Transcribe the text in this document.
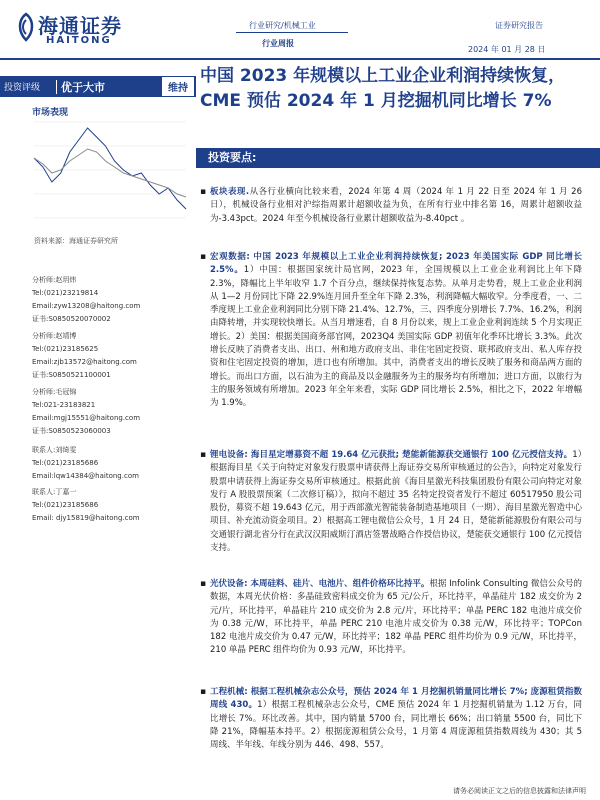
海通证券
HAITONG
行业研究/机械工业
行业周报
证券研究报告
2024 年 01 月 28 日
投资评级	优于大市	维持
市场表现
资料来源：海通证券研究所
分析师:赵玥炜
Tel:(021)23219814
Email:zyw13208@haitong.com
证书:S0850520070002
分析师:赵靖博
Tel:(021)23185625
Email:zjb13572@haitong.com
证书:S0850521100001
分析师:毛冠锦
Tel:021-23183821
Email:mgj15551@haitong.com
证书:S0850523060003
联系人:刘绮雯
Tel:(021)23185686
Email:lqw14384@haitong.com
联系人:丁嘉一
Tel:(021)23185686
Email: djy15819@haitong.com
中国 2023 年规模以上工业企业利润持续恢复，CME 预估 2024 年 1 月挖掘机同比增长 7%
投资要点:
▪ 板块表现.从各行业横向比较来看，2024 年第 4 周（2024 年 1 月 22 日至 2024 年 1 月 26 日），机械设备行业相对沪综指周累计超额收益为负，在所有行业中排名第 16，周累计超额收益为-3.43pct。2024 年至今机械设备行业累计超额收益为-8.40pct 。
▪ 宏观数据: 中国 2023 年规模以上工业企业利润持续恢复; 2023 年美国实际 GDP 同比增长 2.5%。1）中国：根据国家统计局官网，2023 年，全国规模以上工业企业利润比上年下降 2.3%，降幅比上半年收窄 1.7 个百分点，继续保持恢复态势。从单月走势看，规上工业企业利润从 1—2 月份同比下降 22.9%连月回升至全年下降 2.3%，利润降幅大幅收窄。分季度看，一、二季度规上工业企业利润同比分别下降 21.4%、12.7%，三、四季度分别增长 7.7%、16.2%，利润由降转增，并实现较快增长。从当月增速看，自 8 月份以来，规上工业企业利润连续 5 个月实现正增长。2）美国：根据美国商务部官网，2023Q4 美国实际 GDP 初值年化季环比增长 3.3%。此次增长反映了消费者支出、出口、州和地方政府支出、非住宅固定投资、联邦政府支出、私人库存投资和住宅固定投资的增加，进口也有所增加。其中，消费者支出的增长反映了服务和商品两方面的增长。而出口方面，以石油为主的商品及以金融服务为主的服务均有所增加；进口方面，以旅行为主的服务领域有所增加。2023 年全年来看，实际 GDP 同比增长 2.5%，相比之下，2022 年增幅为 1.9%。
▪ 锂电设备: 海目星定增募资不超 19.64 亿元获批; 楚能新能源获交通银行 100 亿元授信支持。1）根据海目星《关于向特定对象发行股票申请获得上海证券交易所审核通过的公告》，向特定对象发行股票申请获得上海证券交易所审核通过。根据此前《海目星激光科技集团股份有限公司向特定对象发行 A 股股票预案（二次修订稿）》，拟向不超过 35 名特定投资者发行不超过 60517950 股公司股份，募资不超 19.643 亿元，用于西部激光智能装备制造基地项目（一期）、海目星激光智造中心项目、补充流动资金项目。2）根据高工锂电微信公众号，1 月 24 日，楚能新能源股份有限公司与交通银行湖北省分行在武汉汉阳威斯汀酒店签署战略合作授信协议，楚能获交通银行 100 亿元授信支持。
▪ 光伏设备: 本周硅料、硅片、电池片、组件价格环比持平。根据 Infolink Consulting 微信公众号的数据，本周光伏价格：多晶硅致密料成交价为 65 元/公斤，环比持平，单晶硅片 182 成交价为 2 元/片，环比持平，单晶硅片 210 成交价为 2.8 元/片，环比持平；单晶 PERC 182 电池片成交价为 0.38 元/W，环比持平，单晶 PERC 210 电池片成交价为 0.38 元/W，环比持平；TOPCon 182 电池片成交价为 0.47 元/W，环比持平；182 单晶 PERC 组件均价为 0.9 元/W，环比持平，210 单晶 PERC 组件均价为 0.93 元/W，环比持平。
▪ 工程机械: 根据工程机械杂志公众号，预估 2024 年 1 月挖掘机销量同比增长 7%; 庞源租赁指数周线 430。1）根据工程机械杂志公众号，CME 预估 2024 年 1 月挖掘机销量为 1.12 万台，同比增长 7%。环比改善。其中，国内销量 5700 台，同比增长 66%；出口销量 5500 台，同比下降 21%，降幅基本持平。2）根据庞源租赁公众号，1 月第 4 周庞源租赁指数周线为 430；其 5 周线、半年线、年线分别为 446、498、557。
请务必阅读正文之后的信息披露和法律声明
